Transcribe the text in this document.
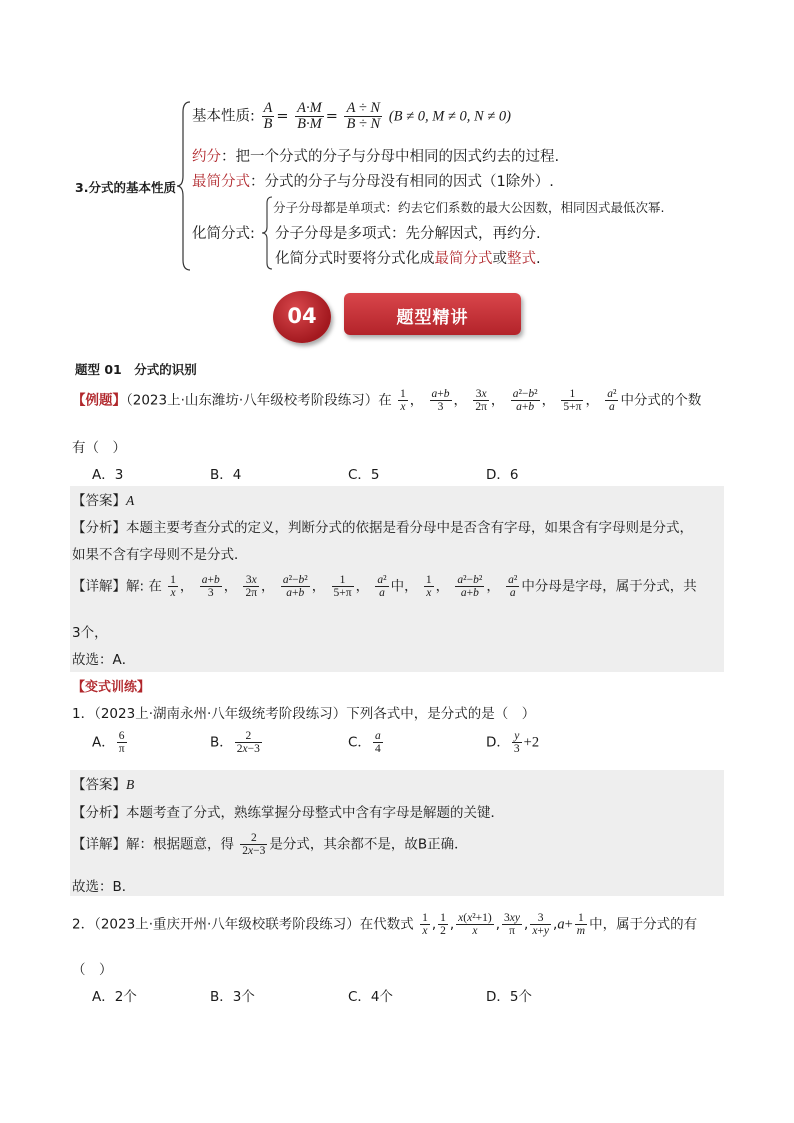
3.分式的基本性质
基本性质: $\frac{A}{B} = \frac{A\cdot M}{B\cdot M} = \frac{A \div N}{B \div N} (B \ne 0$, M ≠ 0, N ≠ 0)
约分：把一个分式的分子与分母中相同的因式约去的过程.
最简分式：分式的分子与分母没有相同的因式（1除外）.
化简分式:
分子分母都是单项式：约去它们系数的最大公因数，相同因式最低次幂.
分子分母是多项式：先分解因式，再约分.
化简分式时要将分式化成最简分式或整式.
题型精讲
04
题型 01　分式的识别
【例题】（2023上·山东潍坊·八年级校考阶段练习）在 $\frac{1}{x}$ ， $\frac{a+b}{3}$ ， $\frac{3x}{2\pi}$ ， $\frac{\text{a²−b²}}{a+b}$ ， $\frac{1}{5+\pi}$ ， $\frac{\text{a²}}{a}$ 中分式的个数
有（　）
A．3	B．4	C．5	D．6
【答案】A
【分析】本题主要考查分式的定义，判断分式的依据是看分母中是否含有字母，如果含有字母则是分式，
如果不含有字母则不是分式．
【详解】解: 在 $\frac{1}{x}$ ， $\frac{a+b}{3}$ ， $\frac{3x}{2\pi}$ ， $\frac{\text{a²−b²}}{a+b}$ ， $\frac{1}{5+\pi}$ ， $\frac{\text{a²}}{a}$ 中， $\frac{1}{x}$ ， $\frac{\text{a²−b²}}{a+b}$ ， $\frac{\text{a²}}{a}$ 中分母是字母，属于分式，共
3个，
故选：A．
【变式训练】
1．（2023上·湖南永州·八年级统考阶段练习）下列各式中，是分式的是（　）
A． $\frac{6}{\pi}$	B． $\frac{2}{2x-3}$	C． $\frac{a}{4}$	D． $\frac{y}{3} +2$
【答案】B
【分析】本题考查了分式，熟练掌握分母整式中含有字母是解题的关键．
【详解】解：根据题意，得 $\frac{2}{2x-3}$ 是分式，其余都不是，故B正确．
故选：B．
2．（2023上·重庆开州·八年级校联考阶段练习）在代数式 $\frac{1}{x}$ , $\frac{1}{2}$ , $\frac{\text{x(x²+1)}}{x}$ , $\frac{3xy}{\pi}$ , $\frac{3}{x+y} ,a+ \frac{1}{m}$ 中，属于分式的有
（　）
A．2个	B．3个	C．4个	D．5个
